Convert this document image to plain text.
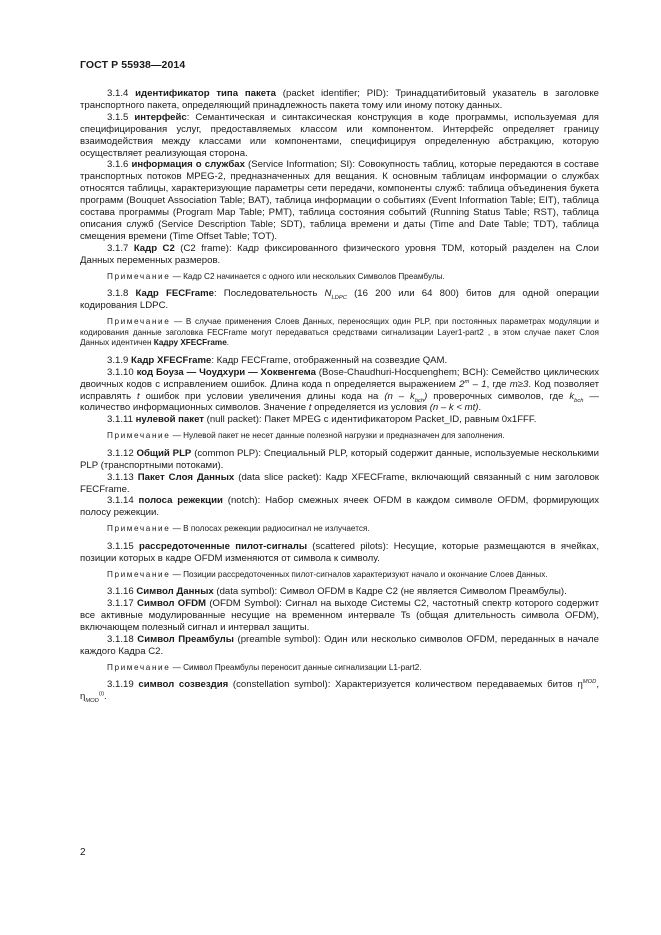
ГОСТ Р 55938—2014

3.1.4 идентификатор типа пакета (packet identifier; PID): Тринадцатибитовый указатель в заголовке транспортного пакета, определяющий принадлежность пакета тому или иному потоку данных.

3.1.5 интерфейс: Семантическая и синтаксическая конструкция в коде программы, используемая для специфицирования услуг, предоставляемых классом или компонентом. Интерфейс определяет границу взаимодействия между классами или компонентами, специфицируя определенную абстракцию, которую осуществляет реализующая сторона.

3.1.6 информация о службах (Service Information; SI): Совокупность таблиц, которые передаются в составе транспортных потоков MPEG-2, предназначенных для вещания. К основным таблицам информации о службах относятся таблицы, характеризующие параметры сети передачи, компоненты служб: таблица объединения букета программ (Bouquet Association Table; BAT), таблица информации о событиях (Event Information Table; EIT), таблица состава программы (Program Map Table; PMT), таблица состояния событий (Running Status Table; RST), таблица описания служб (Service Description Table; SDT), таблица времени и даты (Time and Date Table; TDT), таблица смещения времени (Time Offset Table; TOT).

3.1.7 Кадр С2 (С2 frame): Кадр фиксированного физического уровня TDM, который разделен на Слои Данных переменных размеров.

Примечание — Кадр С2 начинается с одного или нескольких Символов Преамбулы.

3.1.8 Кадр FECFrame: Последовательность $N_{LDPC}$ (16 200 или 64 800) битов для одной операции кодирования LDPC.

Примечание — В случае применения Слоев Данных, переносящих один PLP, при постоянных параметрах модуляции и кодирования данные заголовка FECFrame могут передаваться средствами сигнализации Layer1-part2 , в этом случае пакет Слоя Данных идентичен Кадру XFECFrame.

3.1.9 Кадр XFECFrame: Кадр FECFrame, отображенный на созвездие QAM.

3.1.10 код Боуза — Чоудхури — Хоквенгема (Bose-Chaudhuri-Hocquenghem; BCH): Семейство циклических двоичных кодов с исправлением ошибок. Длина кода n определяется выражением 2$^m$ – 1, где m≥3. Код позволяет исправлять t ошибок при условии увеличения длины кода на $(n - k_{bch})$ проверочных символов, где $k_{bch}$ — количество информационных символов. Значение t определяется из условия (n – k < mt).

3.1.11 нулевой пакет (null packet): Пакет MPEG с идентификатором Packet_ID, равным 0x1FFF.

Примечание — Нулевой пакет не несет данные полезной нагрузки и предназначен для заполнения.

3.1.12 Общий PLP (common PLP): Специальный PLP, который содержит данные, используемые несколькими PLP (транспортными потоками).

3.1.13 Пакет Слоя Данных (data slice packet): Кадр XFECFrame, включающий связанный с ним заголовок FECFrame.

3.1.14 полоса режекции (notch): Набор смежных ячеек OFDM в каждом символе OFDM, формирующих полосу режекции.

Примечание — В полосах режекции радиосигнал не излучается.

3.1.15 рассредоточенные пилот-сигналы (scattered pilots): Несущие, которые размещаются в ячейках, позиции которых в кадре OFDM изменяются от символа к символу.

Примечание — Позиции рассредоточенных пилот-сигналов характеризуют начало и окончание Слоев Данных.

3.1.16 Символ Данных (data symbol): Символ OFDM в Кадре С2 (не является Символом Преамбулы).

3.1.17 Символ OFDM (OFDM Symbol): Сигнал на выходе Системы С2, частотный спектр которого содержит все активные модулированные несущие на временном интервале Ts (общая длительность символа OFDM), включающем полезный сигнал и интервал защиты.

3.1.18 Символ Преамбулы (preamble symbol): Один или несколько символов OFDM, переданных в начале каждого Кадра С2.

Примечание — Символ Преамбулы переносит данные сигнализации L1-part2.

3.1.19 символ созвездия (constellation symbol): Характеризуется количеством передаваемых битов $\eta^{MOD}$, $\eta_{MOD}^{(i)}$.

2
